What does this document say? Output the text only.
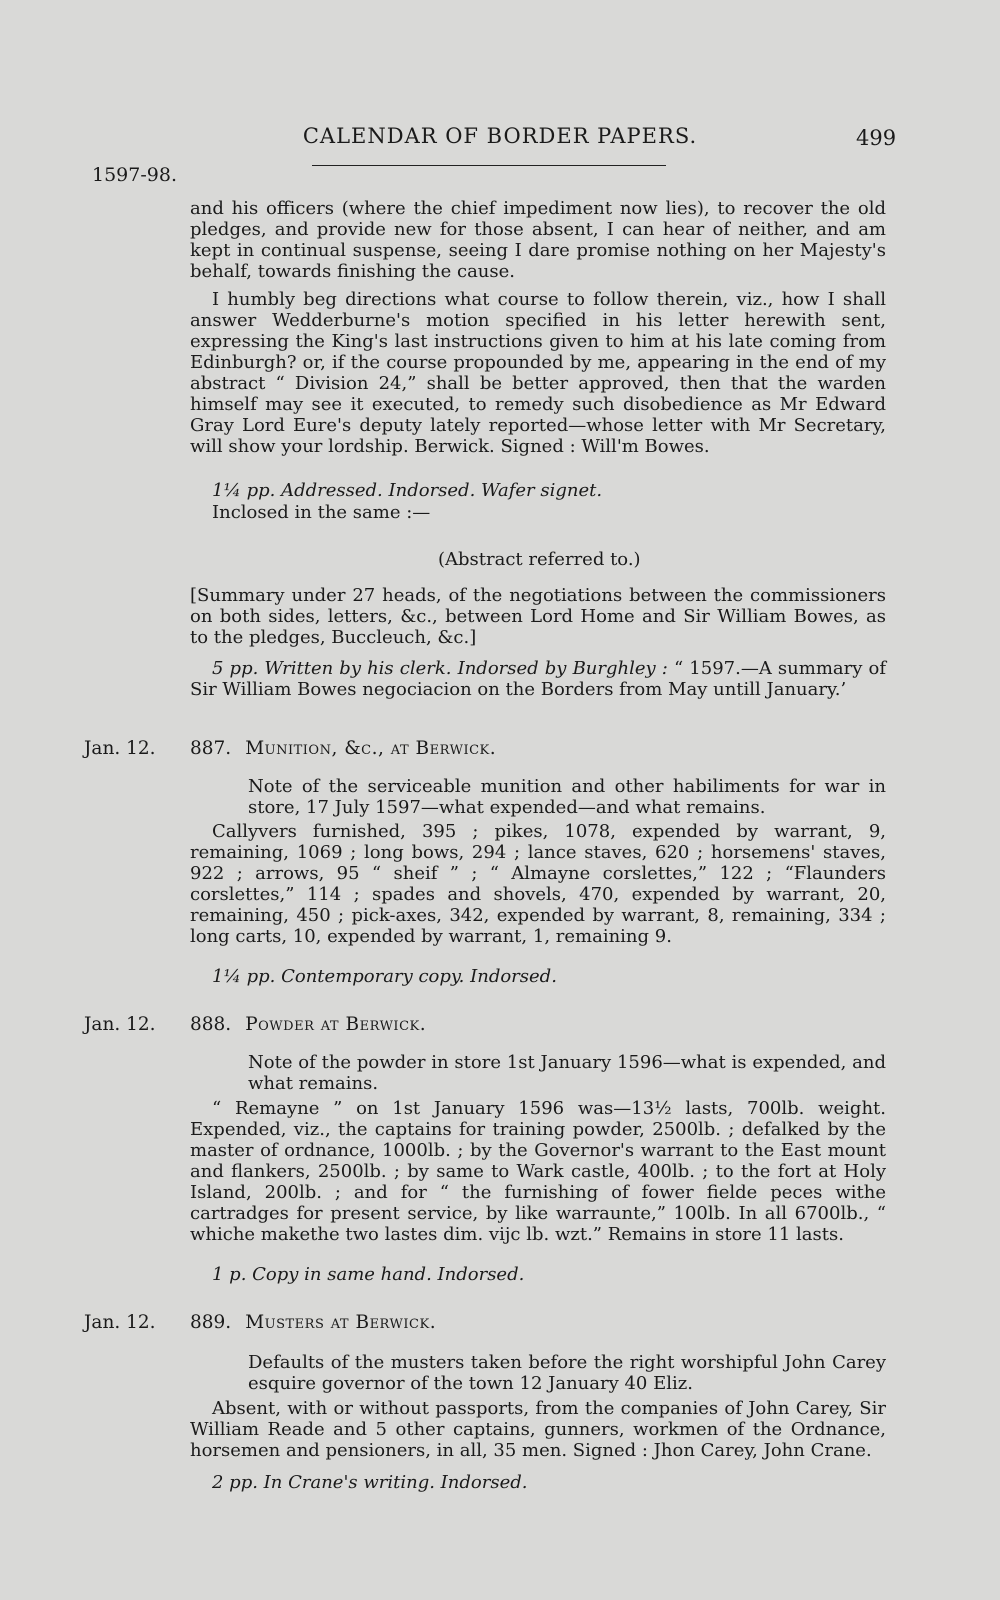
CALENDAR OF BORDER PAPERS.	499
1597-98.
and his officers (where the chief impediment now lies), to recover the old pledges, and provide new for those absent, I can hear of neither, and am kept in continual suspense, seeing I dare promise nothing on her Majesty's behalf, towards finishing the cause.
I humbly beg directions what course to follow therein, viz., how I shall answer Wedderburne's motion specified in his letter herewith sent, expressing the King's last instructions given to him at his late coming from Edinburgh? or, if the course propounded by me, appearing in the end of my abstract “ Division 24,” shall be better approved, then that the warden himself may see it executed, to remedy such disobedience as Mr Edward Gray Lord Eure's deputy lately reported—whose letter with Mr Secretary, will show your lordship. Berwick. Signed : Will'm Bowes.
1¼ pp. Addressed. Indorsed. Wafer signet.
Inclosed in the same :—
(Abstract referred to.)
[Summary under 27 heads, of the negotiations between the commissioners on both sides, letters, &c., between Lord Home and Sir William Bowes, as to the pledges, Buccleuch, &c.]
5 pp. Written by his clerk. Indorsed by Burghley : “ 1597.—A summary of Sir William Bowes negociacion on the Borders from May untill January.’
Jan. 12. 887. Munition, &c., at Berwick.
Note of the serviceable munition and other habiliments for war in store, 17 July 1597—what expended—and what remains.
Callyvers furnished, 395 ; pikes, 1078, expended by warrant, 9, remaining, 1069 ; long bows, 294 ; lance staves, 620 ; horsemens' staves, 922 ; arrows, 95 “ sheif ” ; “ Almayne corslettes,” 122 ; “Flaunders corslettes,” 114 ; spades and shovels, 470, expended by warrant, 20, remaining, 450 ; pick-axes, 342, expended by warrant, 8, remaining, 334 ; long carts, 10, expended by warrant, 1, remaining 9.
1¼ pp. Contemporary copy. Indorsed.
Jan. 12. 888. Powder at Berwick.
Note of the powder in store 1st January 1596—what is expended, and what remains.
“ Remayne ” on 1st January 1596 was—13½ lasts, 700lb. weight. Expended, viz., the captains for training powder, 2500lb. ; defalked by the master of ordnance, 1000lb. ; by the Governor's warrant to the East mount and flankers, 2500lb. ; by same to Wark castle, 400lb. ; to the fort at Holy Island, 200lb. ; and for “ the furnishing of fower fielde peces withe cartradges for present service, by like warraunte,” 100lb. In all 6700lb., “ whiche makethe two lastes dim. vijc lb. wzt.” Remains in store 11 lasts.
1 p. Copy in same hand. Indorsed.
Jan. 12. 889. Musters at Berwick.
Defaults of the musters taken before the right worshipful John Carey esquire governor of the town 12 January 40 Eliz.
Absent, with or without passports, from the companies of John Carey, Sir William Reade and 5 other captains, gunners, workmen of the Ordnance, horsemen and pensioners, in all, 35 men. Signed : Jhon Carey, John Crane.
2 pp. In Crane's writing. Indorsed.
